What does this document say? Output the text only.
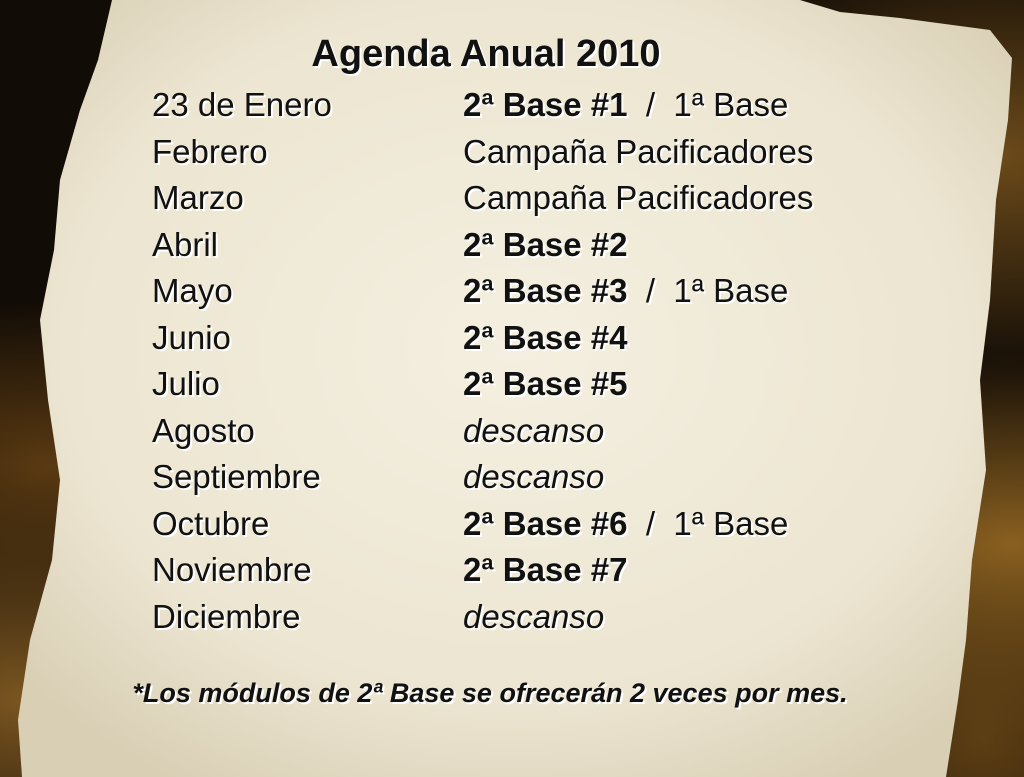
Agenda Anual 2010
23 de Enero	2ª Base #1  /  1ª Base
Febrero	Campaña Pacificadores
Marzo	Campaña Pacificadores
Abril	2ª Base #2
Mayo	2ª Base #3  /  1ª Base
Junio	2ª Base #4
Julio	2ª Base #5
Agosto	descanso
Septiembre	descanso
Octubre	2ª Base #6  /  1ª Base
Noviembre	2ª Base #7
Diciembre	descanso
*Los módulos de 2ª Base se ofrecerán 2 veces por mes.
